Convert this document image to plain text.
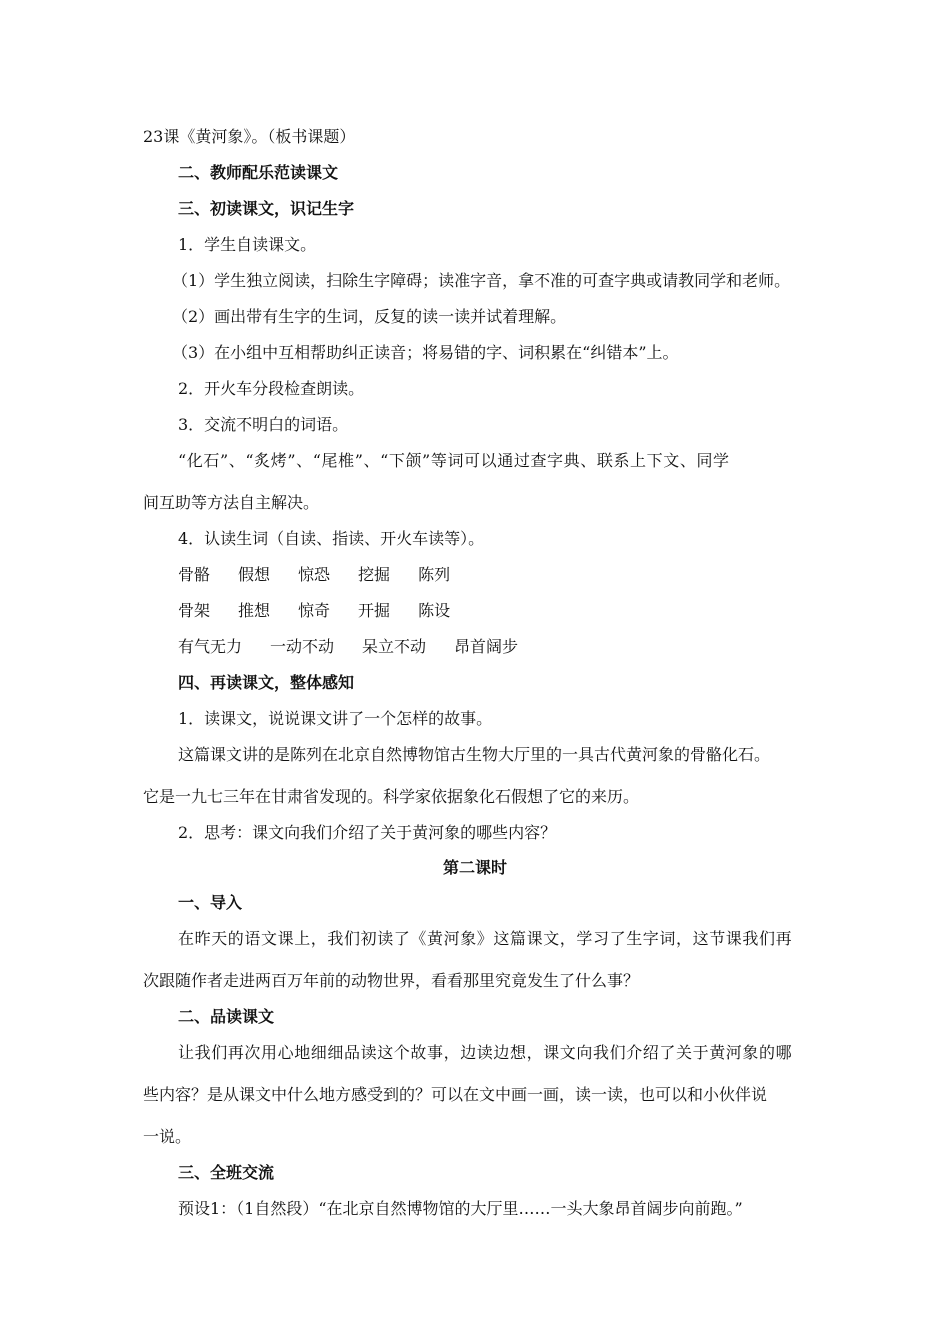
23课《黄河象》。（板书课题）
二、教师配乐范读课文
三、初读课文，识记生字
1．学生自读课文。
（1）学生独立阅读，扫除生字障碍；读准字音，拿不准的可查字典或请教同学和老师。
（2）画出带有生字的生词，反复的读一读并试着理解。
（3）在小组中互相帮助纠正读音；将易错的字、词积累在“纠错本”上。
2．开火车分段检查朗读。
3．交流不明白的词语。
“化石”、“炙烤”、“尾椎”、“下颌”等词可以通过查字典、联系上下文、同学
间互助等方法自主解决。
4．认读生词（自读、指读、开火车读等）。
骨骼 假想 惊恐 挖掘 陈列
骨架 推想 惊奇 开掘 陈设
有气无力 一动不动 呆立不动 昂首阔步
四、再读课文，整体感知
1．读课文，说说课文讲了一个怎样的故事。
这篇课文讲的是陈列在北京自然博物馆古生物大厅里的一具古代黄河象的骨骼化石。
它是一九七三年在甘肃省发现的。科学家依据象化石假想了它的来历。
2．思考：课文向我们介绍了关于黄河象的哪些内容？
第二课时
一、导入
在昨天的语文课上，我们初读了《黄河象》这篇课文，学习了生字词，这节课我们再
次跟随作者走进两百万年前的动物世界，看看那里究竟发生了什么事？
二、品读课文
让我们再次用心地细细品读这个故事，边读边想，课文向我们介绍了关于黄河象的哪
些内容？是从课文中什么地方感受到的？可以在文中画一画，读一读，也可以和小伙伴说
一说。
三、全班交流
预设1：（1自然段）“在北京自然博物馆的大厅里……一头大象昂首阔步向前跑。”
